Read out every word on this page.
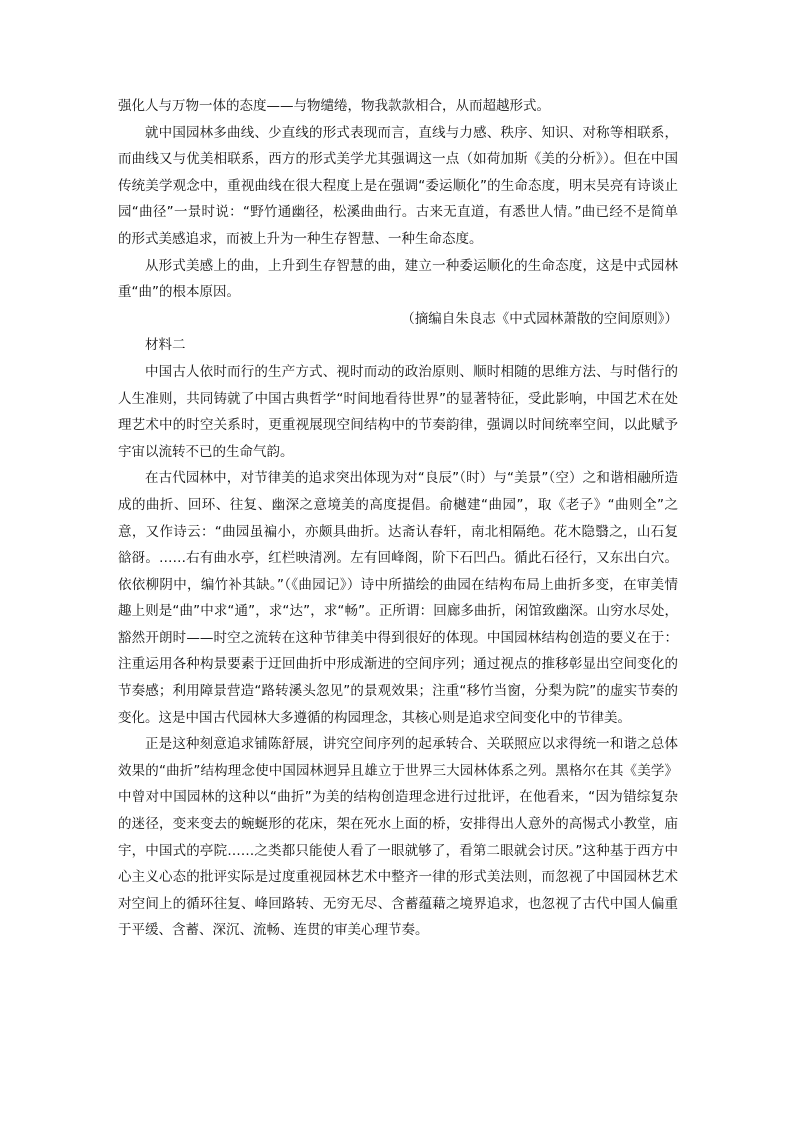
强化人与万物一体的态度——与物缱绻，物我款款相合，从而超越形式。

就中国园林多曲线、少直线的形式表现而言，直线与力感、秩序、知识、对称等相联系，而曲线又与优美相联系，西方的形式美学尤其强调这一点（如荷加斯《美的分析》）。但在中国传统美学观念中，重视曲线在很大程度上是在强调“委运顺化”的生命态度，明末吴亮有诗谈止园“曲径”一景时说：“野竹通幽径，松溪曲曲行。古来无直道，有悉世人情。”曲已经不是简单的形式美感追求，而被上升为一种生存智慧、一种生命态度。

从形式美感上的曲，上升到生存智慧的曲，建立一种委运顺化的生命态度，这是中式园林重“曲”的根本原因。

（摘编自朱良志《中式园林萧散的空间原则》）

材料二

中国古人依时而行的生产方式、视时而动的政治原则、顺时相随的思维方法、与时偕行的人生准则，共同铸就了中国古典哲学“时间地看待世界”的显著特征，受此影响，中国艺术在处理艺术中的时空关系时，更重视展现空间结构中的节奏韵律，强调以时间统率空间，以此赋予宇宙以流转不已的生命气韵。

在古代园林中，对节律美的追求突出体现为对“良辰”（时）与“美景”（空）之和谐相融所造成的曲折、回环、往复、幽深之意境美的高度提倡。俞樾建“曲园”，取《老子》“曲则全”之意，又作诗云：“曲园虽褊小，亦颇具曲折。达斋认春轩，南北相隔绝。花木隐翳之，山石复谽谺。……右有曲水亭，红栏映清冽。左有回峰阁，阶下石凹凸。循此石径行，又东出白穴。依依柳阴中，编竹补其缺。”（《曲园记》）诗中所描绘的曲园在结构布局上曲折多变，在审美情趣上则是“曲”中求“通”，求“达”，求“畅”。正所谓：回廊多曲折，闲馆致幽深。山穷水尽处，豁然开朗时——时空之流转在这种节律美中得到很好的体现。中国园林结构创造的要义在于：注重运用各种构景要素于迂回曲折中形成渐进的空间序列；通过视点的推移彰显出空间变化的节奏感；利用障景营造“路转溪头忽见”的景观效果；注重“移竹当窗，分梨为院”的虚实节奏的变化。这是中国古代园林大多遵循的构园理念，其核心则是追求空间变化中的节律美。

正是这种刻意追求铺陈舒展，讲究空间序列的起承转合、关联照应以求得统一和谐之总体效果的“曲折”结构理念使中国园林迥异且雄立于世界三大园林体系之列。黑格尔在其《美学》中曾对中国园林的这种以“曲折”为美的结构创造理念进行过批评，在他看来，“因为错综复杂的迷径，变来变去的蜿蜒形的花床，架在死水上面的桥，安排得出人意外的高惕式小教堂，庙宇，中国式的亭院……之类都只能使人看了一眼就够了，看第二眼就会讨厌。”这种基于西方中心主义心态的批评实际是过度重视园林艺术中整齐一律的形式美法则，而忽视了中国园林艺术对空间上的循环往复、峰回路转、无穷无尽、含蓄蕴藉之境界追求，也忽视了古代中国人偏重于平缓、含蓄、深沉、流畅、连贯的审美心理节奏。
